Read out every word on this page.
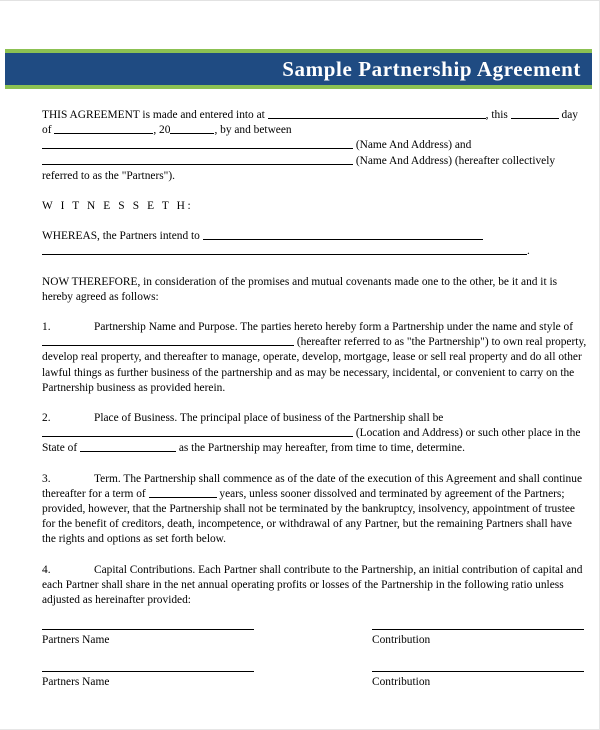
Sample Partnership Agreement
THIS AGREEMENT is made and entered into at	, this	day
of	, 20	, by and between
(Name And Address) and
(Name And Address) (hereafter collectively
referred to as the "Partners").
W I T N E S S E T H:
WHEREAS, the Partners intend to
.
NOW THEREFORE, in consideration of the promises and mutual covenants made one to the other, be it and it is hereby agreed as follows:
1.	Partnership Name and Purpose. The parties hereto hereby form a Partnership under the name and style of  (hereafter referred to as "the Partnership") to own real property, develop real property, and thereafter to manage, operate, develop, mortgage, lease or sell real property and do all other lawful things as further business of the partnership and as may be necessary, incidental, or convenient to carry on the Partnership business as provided herein.
2.	Place of Business. The principal place of business of the Partnership shall be
(Location and Address) or such other place in the State of	as the Partnership may hereafter, from time to time, determine.
3.	Term. The Partnership shall commence as of the date of the execution of this Agreement and shall continue thereafter for a term of	years, unless sooner dissolved and terminated by agreement of the Partners; provided, however, that the Partnership shall not be terminated by the bankruptcy, insolvency, appointment of trustee for the benefit of creditors, death, incompetence, or withdrawal of any Partner, but the remaining Partners shall have the rights and options as set forth below.
4.	Capital Contributions. Each Partner shall contribute to the Partnership, an initial contribution of capital and each Partner shall share in the net annual operating profits or losses of the Partnership in the following ratio unless adjusted as hereinafter provided:
Partners Name	Contribution
Partners Name	Contribution
